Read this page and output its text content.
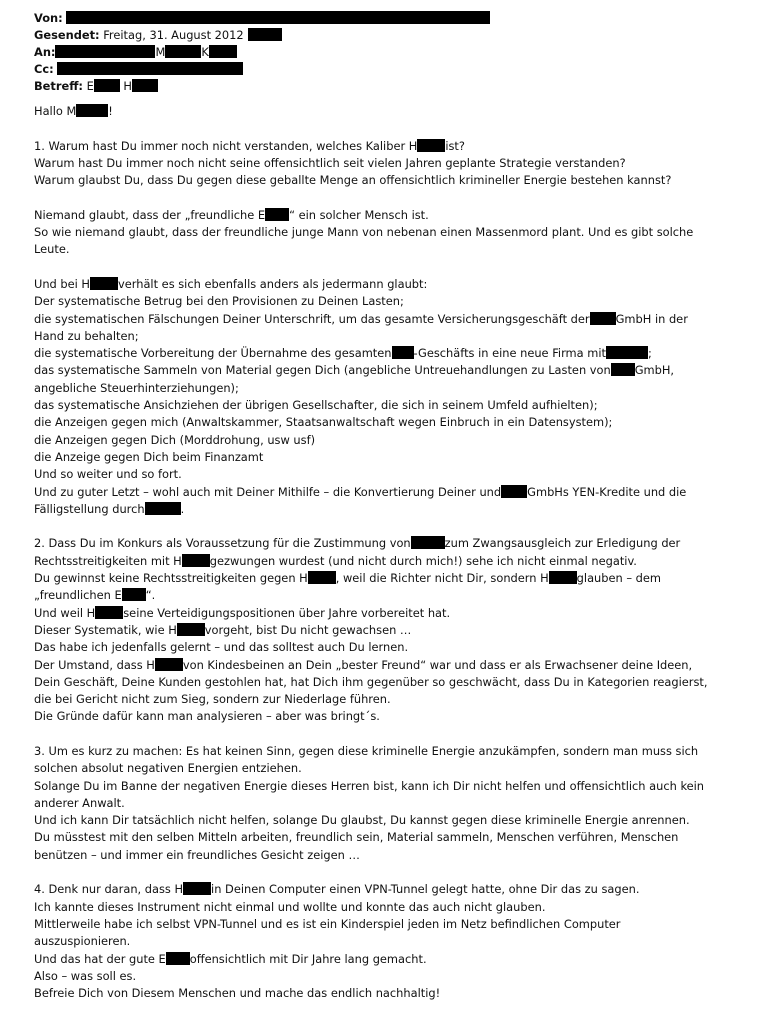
Von:
Gesendet: Freitag, 31. August 2012
An:	M	K
Cc:
Betreff: E H
Hallo M	!
1. Warum hast Du immer noch nicht verstanden, welches Kaliber H ist?
Warum hast Du immer noch nicht seine offensichtlich seit vielen Jahren geplante Strategie verstanden?
Warum glaubst Du, dass Du gegen diese geballte Menge an offensichtlich krimineller Energie bestehen kannst?
Niemand glaubt, dass der „freundliche E “ ein solcher Mensch ist.
So wie niemand glaubt, dass der freundliche junge Mann von nebenan einen Massenmord plant. Und es gibt solche
Leute.
Und bei H verhält es sich ebenfalls anders als jedermann glaubt:
Der systematische Betrug bei den Provisionen zu Deinen Lasten;
die systematischen Fälschungen Deiner Unterschrift, um das gesamte Versicherungsgeschäft der GmbH in der
Hand zu behalten;
die systematische Vorbereitung der Übernahme des gesamten -Geschäfts in eine neue Firma mit	;
das systematische Sammeln von Material gegen Dich (angebliche Untreuehandlungen zu Lasten von GmbH,
angebliche Steuerhinterziehungen);
das systematische Ansichziehen der übrigen Gesellschafter, die sich in seinem Umfeld aufhielten);
die Anzeigen gegen mich (Anwaltskammer, Staatsanwaltschaft wegen Einbruch in ein Datensystem);
die Anzeigen gegen Dich (Morddrohung, usw usf)
die Anzeige gegen Dich beim Finanzamt
Und so weiter und so fort.
Und zu guter Letzt – wohl auch mit Deiner Mithilfe – die Konvertierung Deiner und GmbHs YEN-Kredite und die
Fälligstellung durch	.
2. Dass Du im Konkurs als Voraussetzung für die Zustimmung von	zum Zwangsausgleich zur Erledigung der
Rechtsstreitigkeiten mit H gezwungen wurdest (und nicht durch mich!) sehe ich nicht einmal negativ.
Du gewinnst keine Rechtsstreitigkeiten gegen H , weil die Richter nicht Dir, sondern H glauben – dem
„freundlichen E “.
Und weil H seine Verteidigungspositionen über Jahre vorbereitet hat.
Dieser Systematik, wie H vorgeht, bist Du nicht gewachsen …
Das habe ich jedenfalls gelernt – und das solltest auch Du lernen.
Der Umstand, dass H von Kindesbeinen an Dein „bester Freund“ war und dass er als Erwachsener deine Ideen,
Dein Geschäft, Deine Kunden gestohlen hat, hat Dich ihm gegenüber so geschwächt, dass Du in Kategorien reagierst,
die bei Gericht nicht zum Sieg, sondern zur Niederlage führen.
Die Gründe dafür kann man analysieren – aber was bringt´s.
3. Um es kurz zu machen: Es hat keinen Sinn, gegen diese kriminelle Energie anzukämpfen, sondern man muss sich
solchen absolut negativen Energien entziehen.
Solange Du im Banne der negativen Energie dieses Herren bist, kann ich Dir nicht helfen und offensichtlich auch kein
anderer Anwalt.
Und ich kann Dir tatsächlich nicht helfen, solange Du glaubst, Du kannst gegen diese kriminelle Energie anrennen.
Du müsstest mit den selben Mitteln arbeiten, freundlich sein, Material sammeln, Menschen verführen, Menschen
benützen – und immer ein freundliches Gesicht zeigen …
4. Denk nur daran, dass H in Deinen Computer einen VPN-Tunnel gelegt hatte, ohne Dir das zu sagen.
Ich kannte dieses Instrument nicht einmal und wollte und konnte das auch nicht glauben.
Mittlerweile habe ich selbst VPN-Tunnel und es ist ein Kinderspiel jeden im Netz befindlichen Computer
auszuspionieren.
Und das hat der gute E offensichtlich mit Dir Jahre lang gemacht.
Also – was soll es.
Befreie Dich von Diesem Menschen und mache das endlich nachhaltig!
